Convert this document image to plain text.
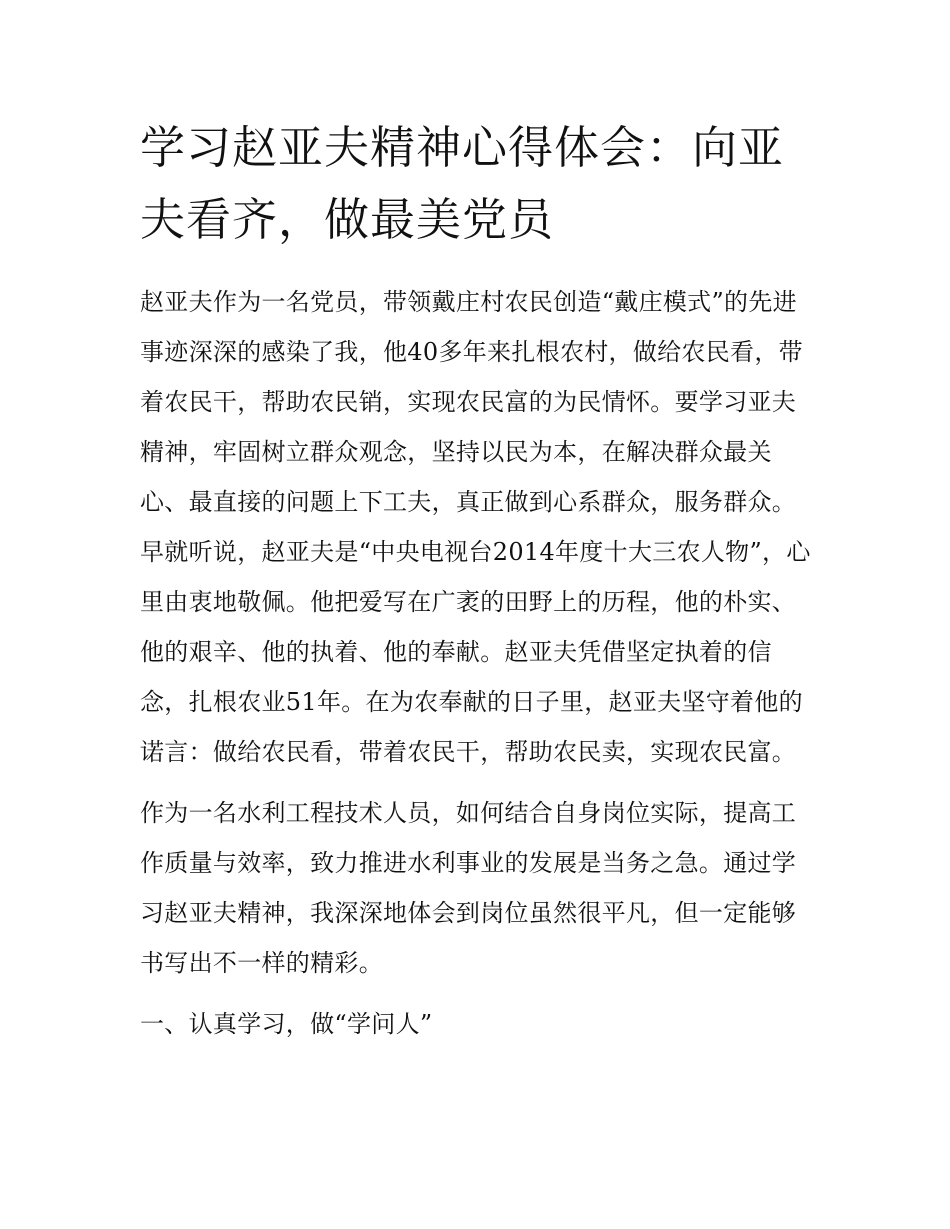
学习赵亚夫精神心得体会：向亚夫看齐，做最美党员

赵亚夫作为一名党员，带领戴庄村农民创造“戴庄模式”的先进事迹深深的感染了我，他40多年来扎根农村，做给农民看，带着农民干，帮助农民销，实现农民富的为民情怀。要学习亚夫精神，牢固树立群众观念，坚持以民为本，在解决群众最关心、最直接的问题上下工夫，真正做到心系群众，服务群众。

早就听说，赵亚夫是“中央电视台2014年度十大三农人物”，心里由衷地敬佩。他把爱写在广袤的田野上的历程，他的朴实、他的艰辛、他的执着、他的奉献。赵亚夫凭借坚定执着的信念，扎根农业51年。在为农奉献的日子里，赵亚夫坚守着他的诺言：做给农民看，带着农民干，帮助农民卖，实现农民富。

作为一名水利工程技术人员，如何结合自身岗位实际，提高工作质量与效率，致力推进水利事业的发展是当务之急。通过学习赵亚夫精神，我深深地体会到岗位虽然很平凡，但一定能够书写出不一样的精彩。

一、认真学习，做“学问人”
